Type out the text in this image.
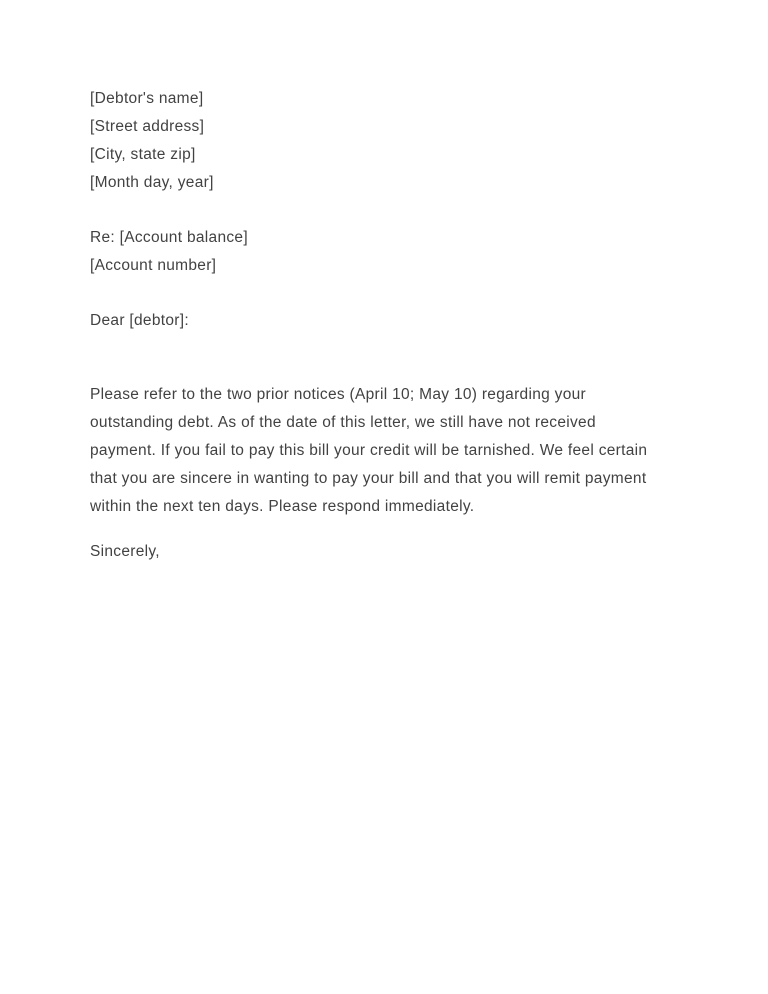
[Debtor's name]
[Street address]
[City, state zip]
[Month day, year]
Re: [Account balance]
[Account number]
Dear [debtor]:
Please refer to the two prior notices (April 10; May 10) regarding your
outstanding debt. As of the date of this letter, we still have not received
payment. If you fail to pay this bill your credit will be tarnished. We feel certain
that you are sincere in wanting to pay your bill and that you will remit payment
within the next ten days. Please respond immediately.
Sincerely,
